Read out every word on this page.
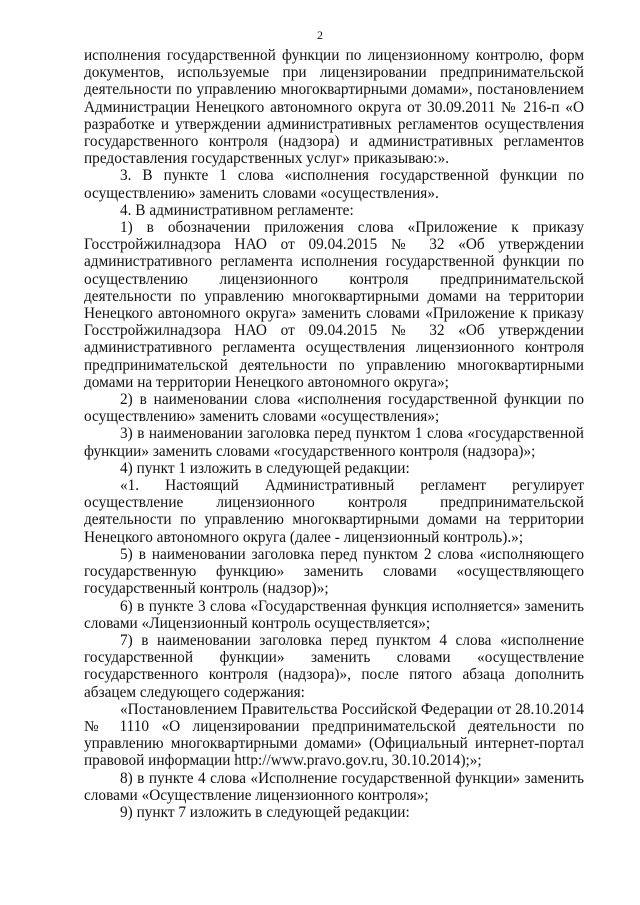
2

исполнения государственной функции по лицензионному контролю, форм документов, используемые при лицензировании предпринимательской деятельности по управлению многоквартирными домами», постановлением Администрации Ненецкого автономного округа от 30.09.2011 № 216-п «О разработке и утверждении административных регламентов осуществления государственного контроля (надзора) и административных регламентов предоставления государственных услуг» приказываю:».

3. В пункте 1 слова «исполнения государственной функции по осуществлению» заменить словами «осуществления».

4. В административном регламенте:

1) в обозначении приложения слова «Приложение к приказу Госстройжилнадзора НАО от 09.04.2015 № 32 «Об утверждении административного регламента исполнения государственной функции по осуществлению лицензионного контроля предпринимательской деятельности по управлению многоквартирными домами на территории Ненецкого автономного округа» заменить словами «Приложение к приказу Госстройжилнадзора НАО от 09.04.2015 № 32 «Об утверждении административного регламента осуществления лицензионного контроля предпринимательской деятельности по управлению многоквартирными домами на территории Ненецкого автономного округа»;

2) в наименовании слова «исполнения государственной функции по осуществлению» заменить словами «осуществления»;

3) в наименовании заголовка перед пунктом 1 слова «государственной функции» заменить словами «государственного контроля (надзора)»;

4) пункт 1 изложить в следующей редакции:

«1. Настоящий Административный регламент регулирует осуществление лицензионного контроля предпринимательской деятельности по управлению многоквартирными домами на территории Ненецкого автономного округа (далее - лицензионный контроль).»;

5) в наименовании заголовка перед пунктом 2 слова «исполняющего государственную функцию» заменить словами «осуществляющего государственный контроль (надзор)»;

6) в пункте 3 слова «Государственная функция исполняется» заменить словами «Лицензионный контроль осуществляется»;

7) в наименовании заголовка перед пунктом 4 слова «исполнение государственной функции» заменить словами «осуществление государственного контроля (надзора)», после пятого абзаца дополнить абзацем следующего содержания:

«Постановлением Правительства Российской Федерации от 28.10.2014 № 1110 «О лицензировании предпринимательской деятельности по управлению многоквартирными домами» (Официальный интернет-портал правовой информации http://www.pravo.gov.ru, 30.10.2014);»;

8) в пункте 4 слова «Исполнение государственной функции» заменить словами «Осуществление лицензионного контроля»;

9) пункт 7 изложить в следующей редакции:
